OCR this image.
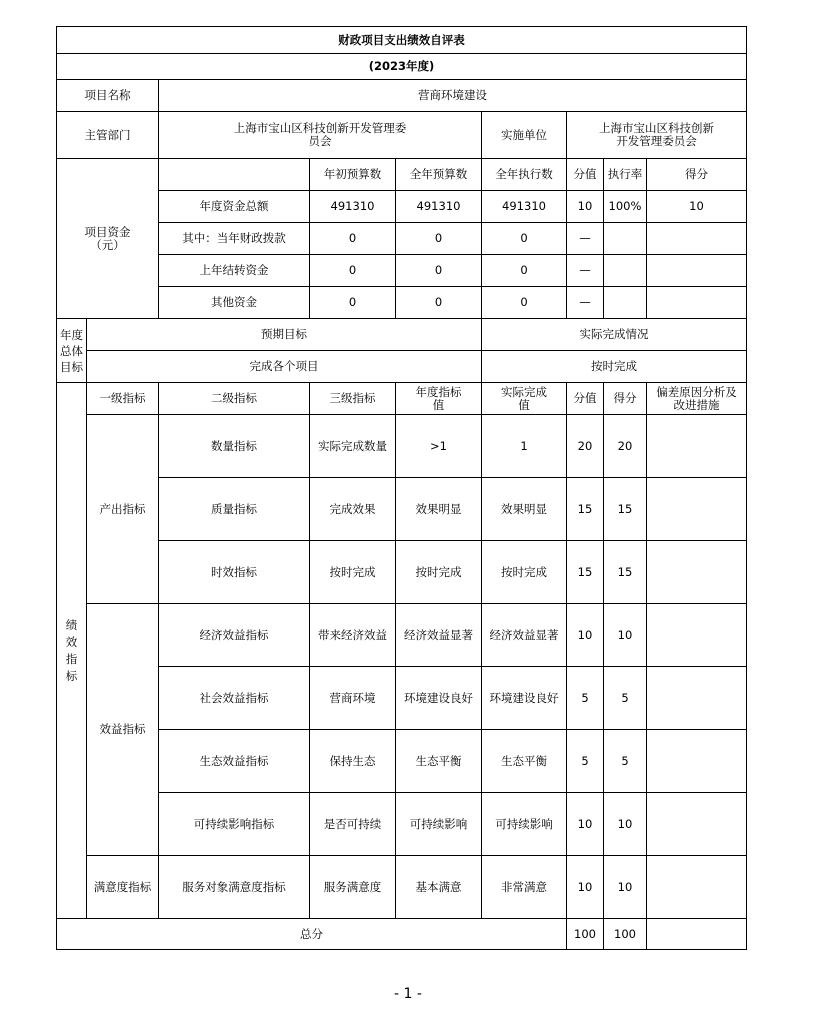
财政项目支出绩效自评表								
(2023年度)								
项目名称		营商环境建设						
主管部门		上海市宝山区科技创新开发管理委员会			实施单位	上海市宝山区科技创新开发管理委员会		

项目资金（元）			年初预算数	全年预算数	全年执行数	分值	执行率	得分
		年度资金总额	491310	491310	491310	10	100%	10
		其中：当年财政拨款	0	0	0	—		
		上年结转资金	0	0	0	—		
		其他资金	0	0	0	—		

年度总体目标	预期目标				实际完成情况			
	完成各个项目				按时完成			

绩效指标	一级指标	二级指标	三级指标	年度指标值	实际完成值	分值	得分	偏差原因分析及改进措施

	产出指标	数量指标	实际完成数量	>1	1	20	20	
		质量指标	完成效果	效果明显	效果明显	15	15	
		时效指标	按时完成	按时完成	按时完成	15	15	
	效益指标	经济效益指标	带来经济效益	经济效益显著	经济效益显著	10	10	
		社会效益指标	营商环境	环境建设良好	环境建设良好	5	5	
		生态效益指标	保持生态	生态平衡	生态平衡	5	5	
		可持续影响指标	是否可持续	可持续影响	可持续影响	10	10	
	满意度指标	服务对象满意度指标	服务满意度	基本满意	非常满意	10	10	
总分						100	100	
- 1 -
